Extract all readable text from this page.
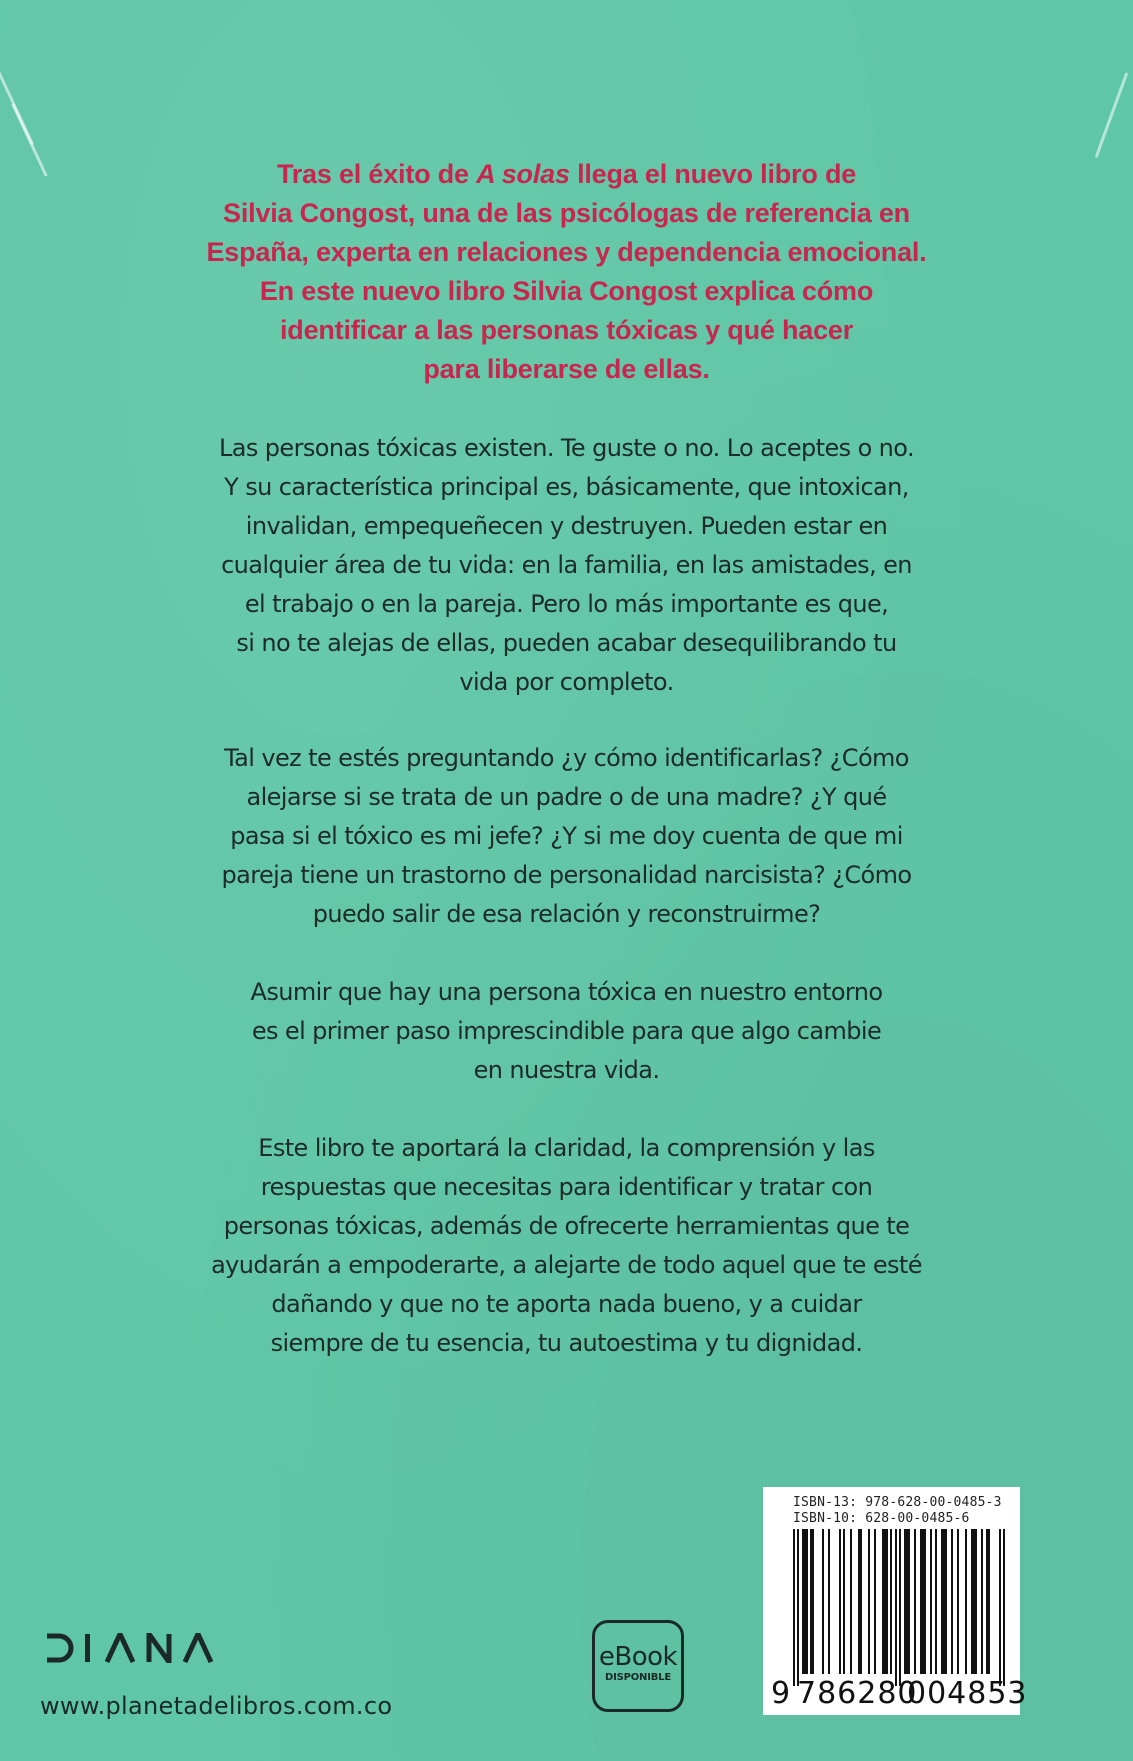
Tras el éxito de A solas llega el nuevo libro de
Silvia Congost, una de las psicólogas de referencia en
España, experta en relaciones y dependencia emocional.
En este nuevo libro Silvia Congost explica cómo
identificar a las personas tóxicas y qué hacer
para liberarse de ellas.
Las personas tóxicas existen. Te guste o no. Lo aceptes o no.
Y su característica principal es, básicamente, que intoxican,
invalidan, empequeñecen y destruyen. Pueden estar en
cualquier área de tu vida: en la familia, en las amistades, en
el trabajo o en la pareja. Pero lo más importante es que,
si no te alejas de ellas, pueden acabar desequilibrando tu
vida por completo.
Tal vez te estés preguntando ¿y cómo identificarlas? ¿Cómo
alejarse si se trata de un padre o de una madre? ¿Y qué
pasa si el tóxico es mi jefe? ¿Y si me doy cuenta de que mi
pareja tiene un trastorno de personalidad narcisista? ¿Cómo
puedo salir de esa relación y reconstruirme?
Asumir que hay una persona tóxica en nuestro entorno
es el primer paso imprescindible para que algo cambie
en nuestra vida.
Este libro te aportará la claridad, la comprensión y las
respuestas que necesitas para identificar y tratar con
personas tóxicas, además de ofrecerte herramientas que te
ayudarán a empoderarte, a alejarte de todo aquel que te esté
dañando y que no te aporta nada bueno, y a cuidar
siempre de tu esencia, tu autoestima y tu dignidad.
www.planetadelibros.com.co
eBook
DISPONIBLE
ISBN-13: 978-628-00-0485-3
ISBN-10: 628-00-0485-6
9 786280004853
